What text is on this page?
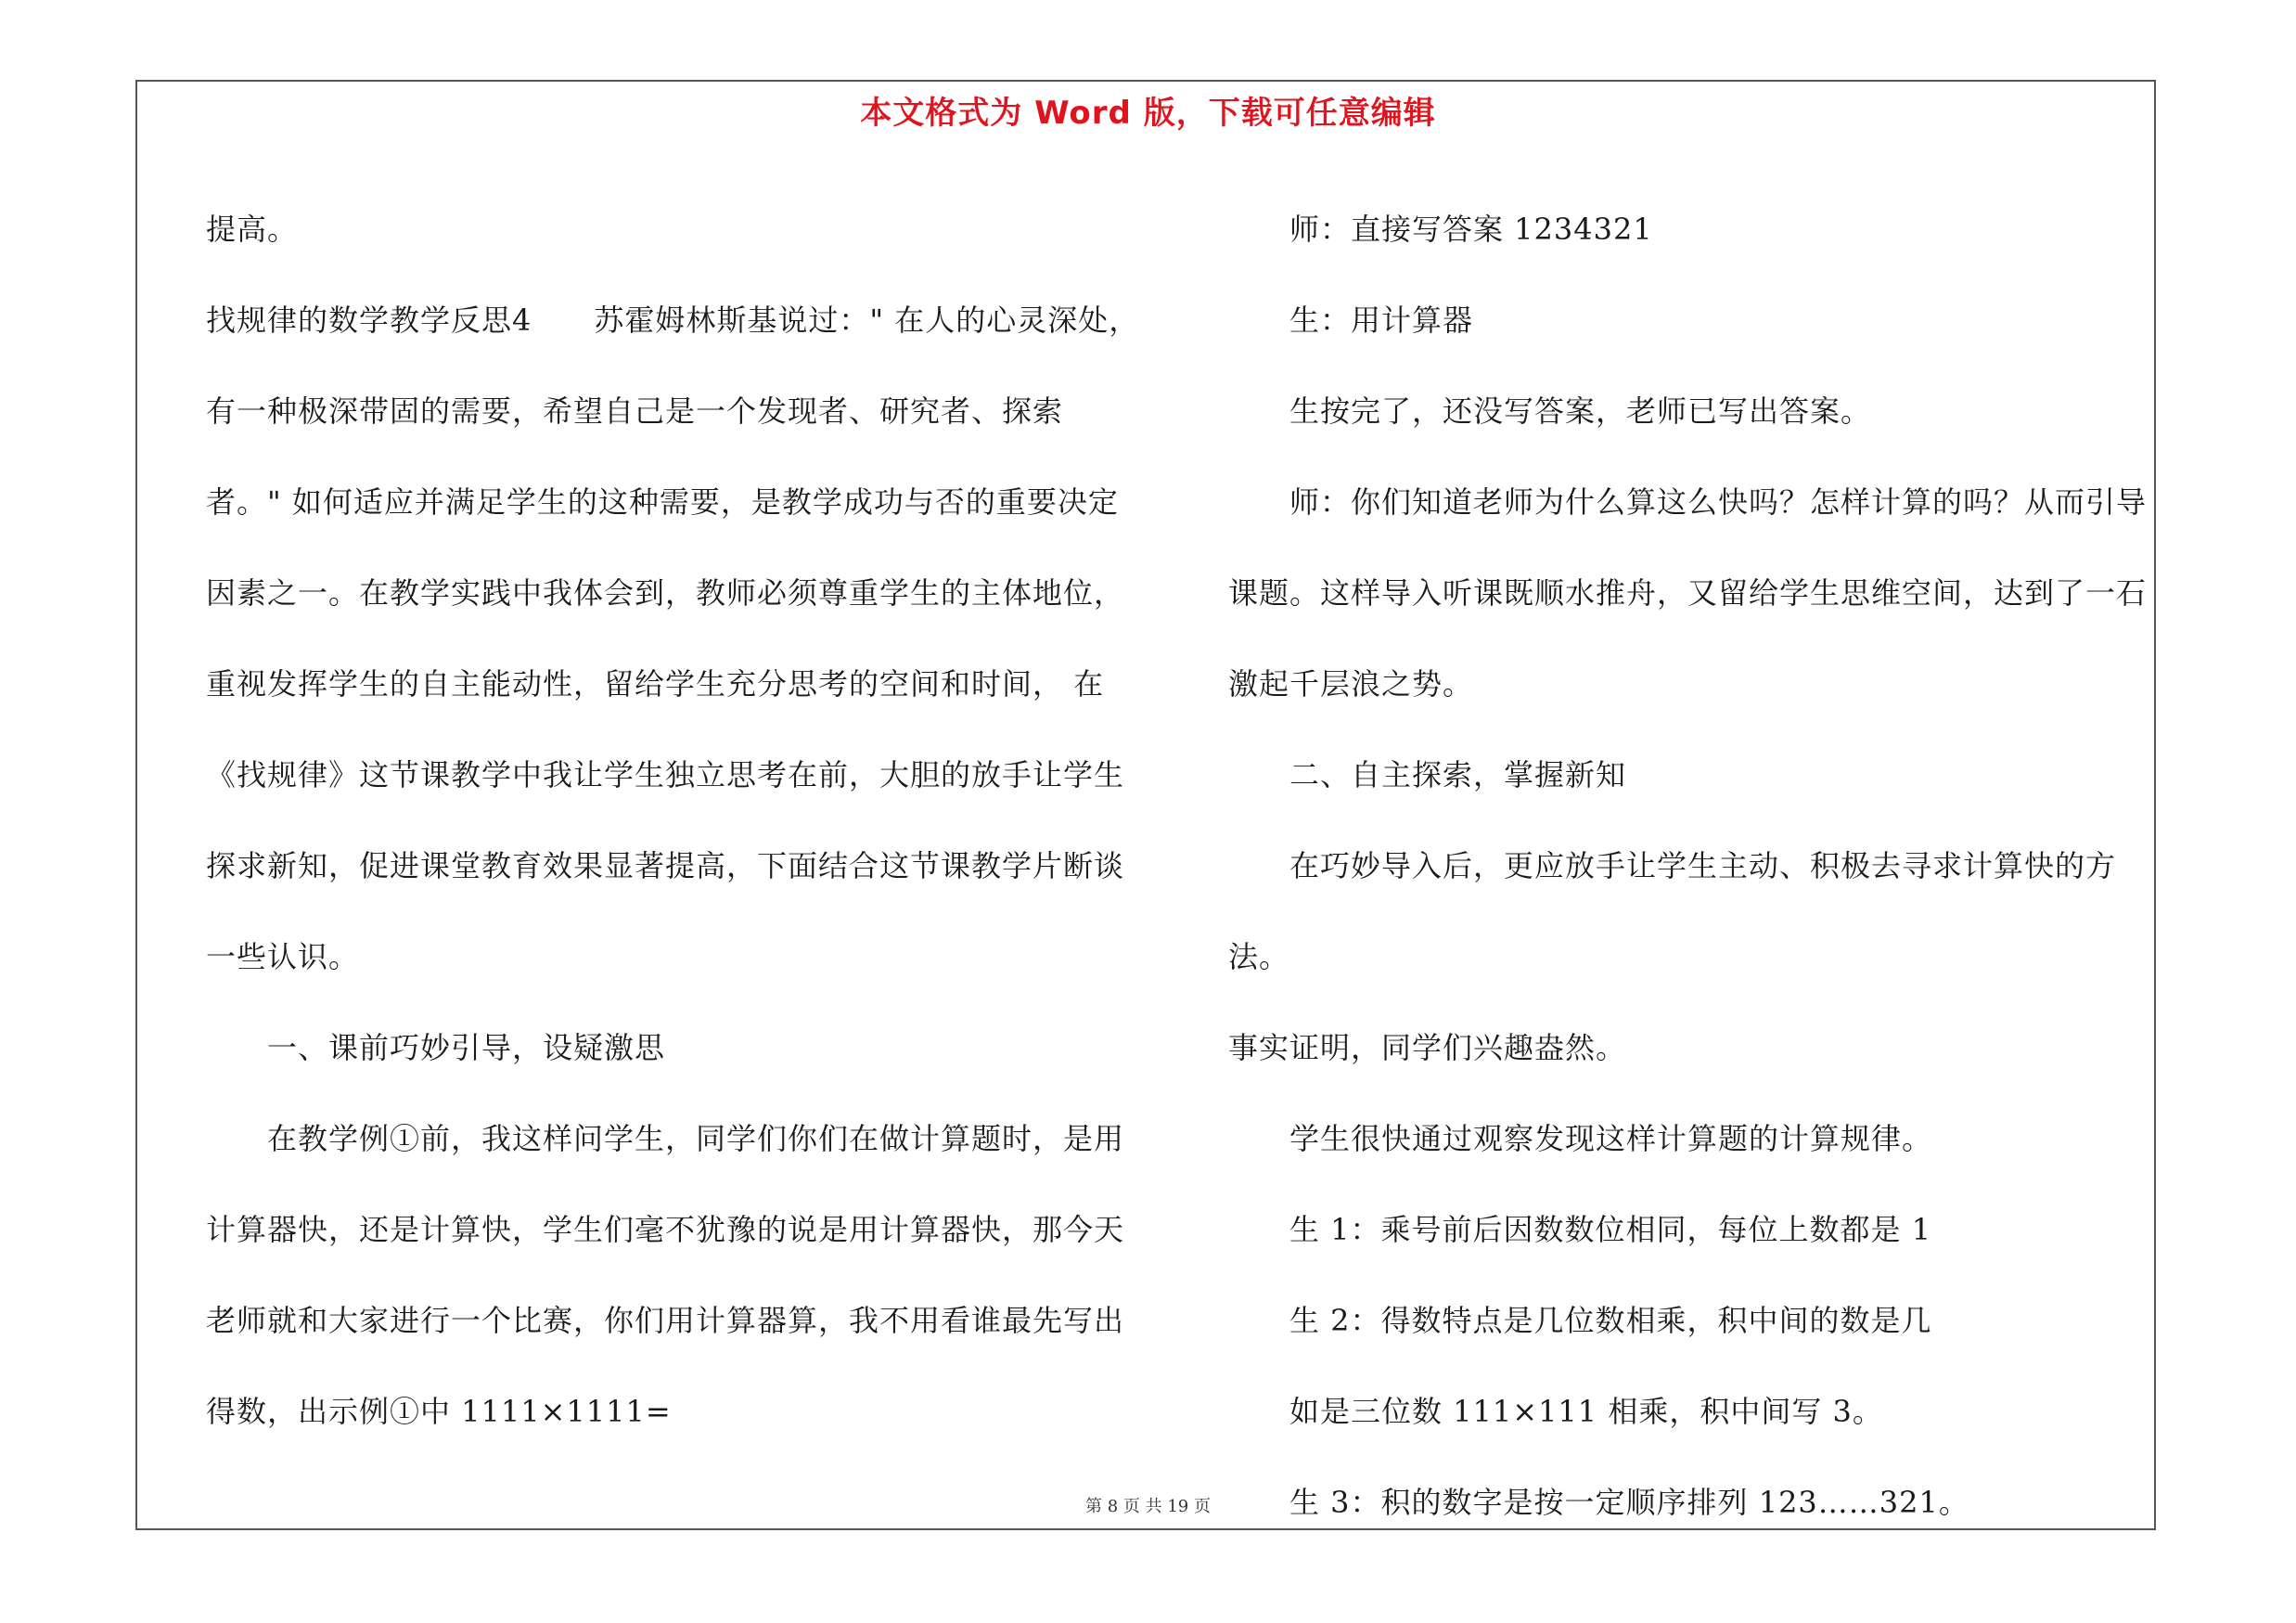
本文格式为 Word 版，下载可任意编辑

提高。

找规律的数学教学反思4      苏霍姆林斯基说过：" 在人的心灵深处，

有一种极深带固的需要，希望自己是一个发现者、研究者、探索

者。" 如何适应并满足学生的这种需要，是教学成功与否的重要决定

因素之一。在教学实践中我体会到，教师必须尊重学生的主体地位，

重视发挥学生的自主能动性，留给学生充分思考的空间和时间， 在

《找规律》这节课教学中我让学生独立思考在前，大胆的放手让学生

探求新知，促进课堂教育效果显著提高，下面结合这节课教学片断谈

一些认识。

一、课前巧妙引导，设疑激思

在教学例①前，我这样问学生，同学们你们在做计算题时，是用

计算器快，还是计算快，学生们毫不犹豫的说是用计算器快，那今天

老师就和大家进行一个比赛，你们用计算器算，我不用看谁最先写出

得数，出示例①中 1111×1111=

师：直接写答案 1234321

生：用计算器

生按完了，还没写答案，老师已写出答案。

师：你们知道老师为什么算这么快吗？怎样计算的吗？从而引导

课题。这样导入听课既顺水推舟，又留给学生思维空间，达到了一石

激起千层浪之势。

二、自主探索，掌握新知

在巧妙导入后，更应放手让学生主动、积极去寻求计算快的方法。

事实证明，同学们兴趣盎然。

学生很快通过观察发现这样计算题的计算规律。

生 1：乘号前后因数数位相同，每位上数都是 1

生 2：得数特点是几位数相乘，积中间的数是几

如是三位数 111×111 相乘，积中间写 3。

生 3：积的数字是按一定顺序排列 123……321。

第 8 页 共 19 页
